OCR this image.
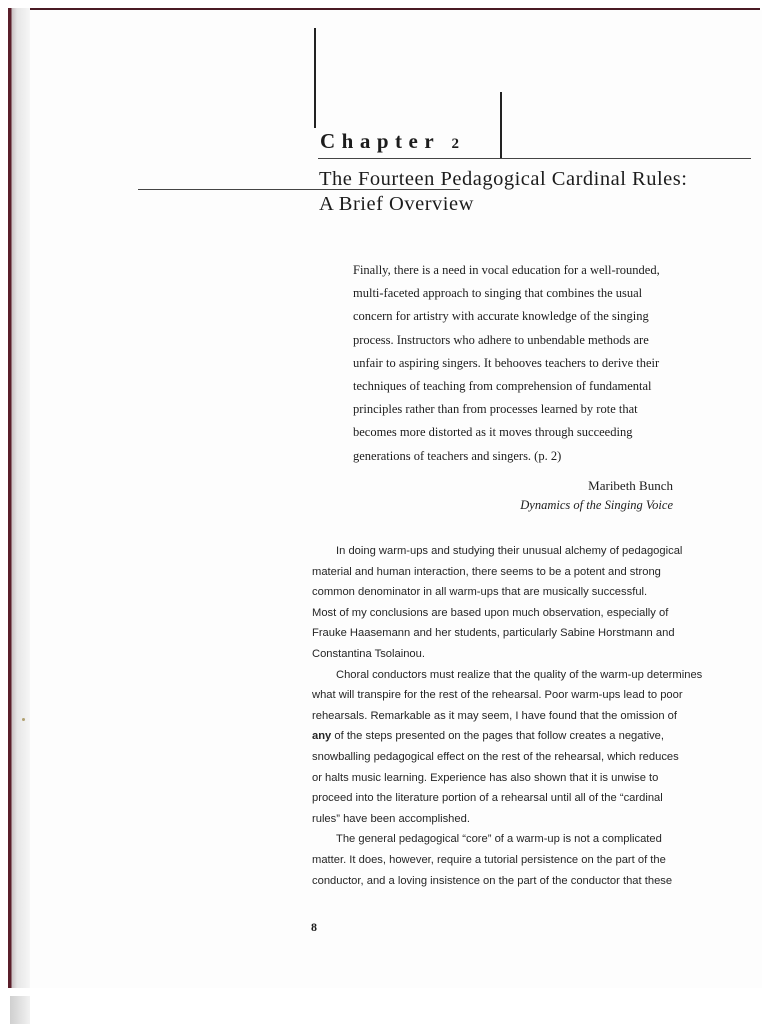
Chapter 2
The Fourteen Pedagogical Cardinal Rules:
A Brief Overview
Finally, there is a need in vocal education for a well-rounded,
multi-faceted approach to singing that combines the usual
concern for artistry with accurate knowledge of the singing
process. Instructors who adhere to unbendable methods are
unfair to aspiring singers. It behooves teachers to derive their
techniques of teaching from comprehension of fundamental
principles rather than from processes learned by rote that
becomes more distorted as it moves through succeeding
generations of teachers and singers. (p. 2)

Maribeth Bunch

Dynamics of the Singing Voice

In doing warm-ups and studying their unusual alchemy of pedagogical
material and human interaction, there seems to be a potent and strong
common denominator in all warm-ups that are musically successful.
Most of my conclusions are based upon much observation, especially of
Frauke Haasemann and her students, particularly Sabine Horstmann and
Constantina Tsolainou.

Choral conductors must realize that the quality of the warm-up determines
what will transpire for the rest of the rehearsal. Poor warm-ups lead to poor
rehearsals. Remarkable as it may seem, I have found that the omission of
any of the steps presented on the pages that follow creates a negative,
snowballing pedagogical effect on the rest of the rehearsal, which reduces
or halts music learning. Experience has also shown that it is unwise to
proceed into the literature portion of a rehearsal until all of the “cardinal
rules” have been accomplished.

The general pedagogical “core” of a warm-up is not a complicated
matter. It does, however, require a tutorial persistence on the part of the
conductor, and a loving insistence on the part of the conductor that these

8
